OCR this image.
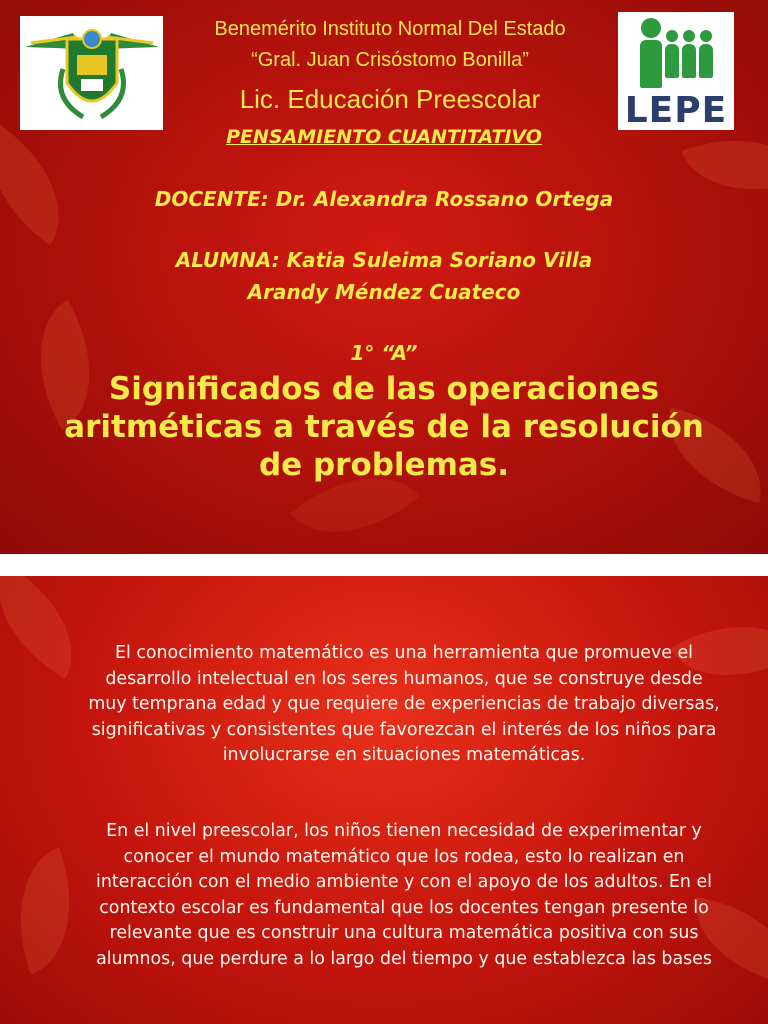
Benemérito Instituto Normal Del Estado
“Gral. Juan Crisóstomo Bonilla”
Lic. Educación Preescolar	LEPE
PENSAMIENTO CUANTITATIVO
DOCENTE: Dr. Alexandra Rossano Ortega
ALUMNA: Katia Suleima Soriano Villa
Arandy Méndez Cuateco
1° “A”
Significados de las operaciones aritméticas a través de la resolución de problemas.

El conocimiento matemático es una herramienta que promueve el desarrollo intelectual en los seres humanos, que se construye desde muy temprana edad y que requiere de experiencias de trabajo diversas, significativas y consistentes que favorezcan el interés de los niños para involucrarse en situaciones matemáticas.

En el nivel preescolar, los niños tienen necesidad de experimentar y conocer el mundo matemático que los rodea, esto lo realizan en interacción con el medio ambiente y con el apoyo de los adultos. En el contexto escolar es fundamental que los docentes tengan presente lo relevante que es construir una cultura matemática positiva con sus alumnos, que perdure a lo largo del tiempo y que establezca las bases
